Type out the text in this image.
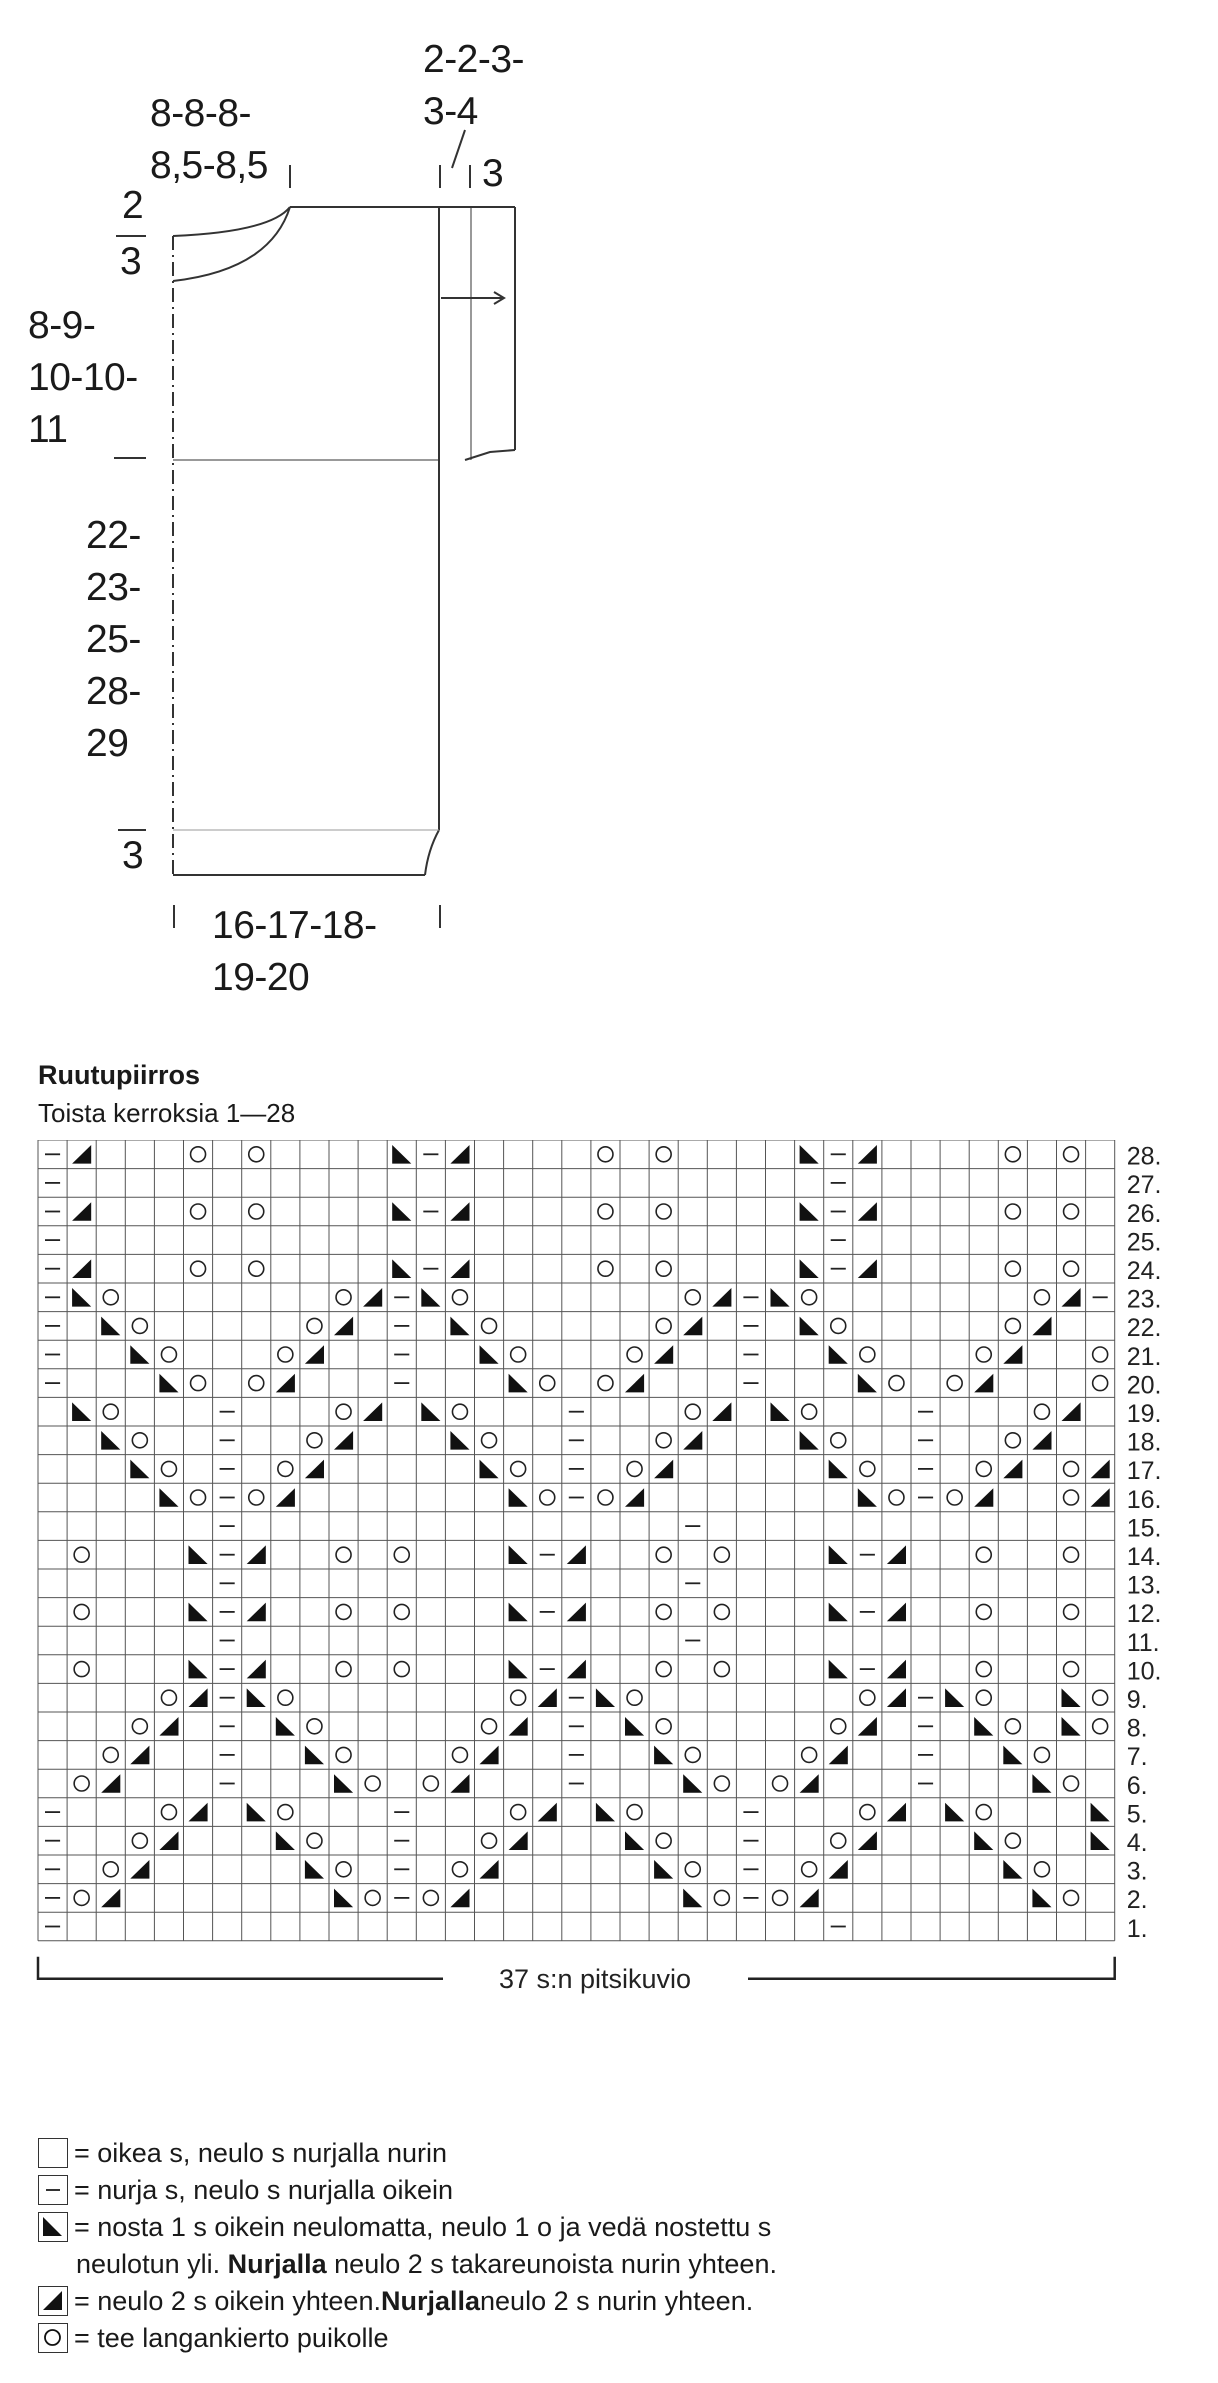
8-8-8-
8,5-8,5
2-2-3-
3-4
3
2
3
8-9-
10-10-
11
22-
23-
25-
28-
29
3
16-17-18-
19-20
Ruutupiirros
Toista kerroksia 1—28
28.
27.
26.
25.
24.
23.
22.
21.
20.
19.
18.
17.
16.
15.
14.
13.
12.
11.
10.
9.
8.
7.
6.
5.
4.
3.
2.
1.
37 s:n pitsikuvio
= oikea s, neulo s nurjalla nurin
= nurja s, neulo s nurjalla oikein
= nosta 1 s oikein neulomatta, neulo 1 o ja vedä nostettu s
neulotun yli. Nurjalla neulo 2 s takareunoista nurin yhteen.
= neulo 2 s oikein yhteen. Nurjalla neulo 2 s nurin yhteen.
= tee langankierto puikolle
